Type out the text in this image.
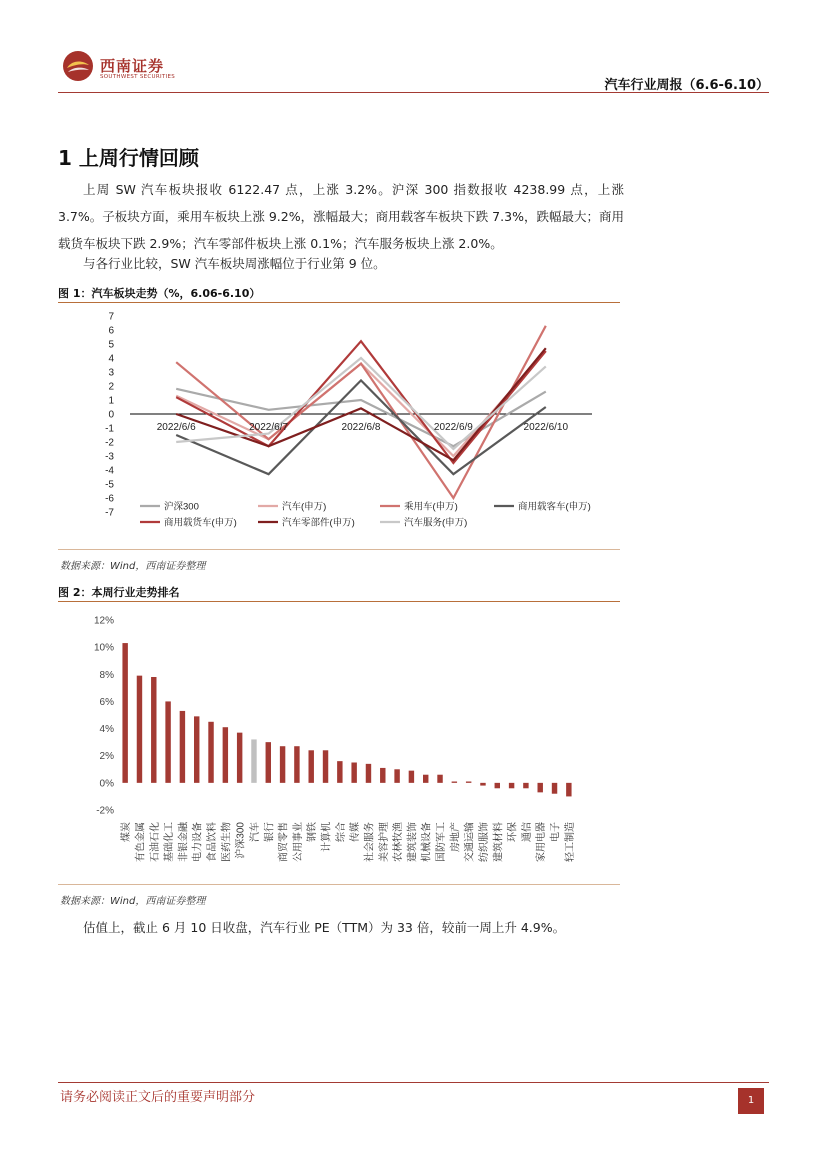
西南证券
SOUTHWEST SECURITIES
汽车行业周报（6.6-6.10）
1 上周行情回顾
上周 SW 汽车板块报收 6122.47 点，上涨 3.2%。沪深 300 指数报收 4238.99 点，上涨 3.7%。子板块方面，乘用车板块上涨 9.2%，涨幅最大；商用载客车板块下跌 7.3%，跌幅最大；商用载货车板块下跌 2.9%；汽车零部件板块上涨 0.1%；汽车服务板块上涨 2.0%。
与各行业比较，SW 汽车板块周涨幅位于行业第 9 位。
图 1：汽车板块走势（%，6.06-6.10）
7
6
5
4
3
2
1
0
-1
-2
-3
-4
-5
-6
-7
2022/6/6	2022/6/7	2022/6/8	2022/6/9	2022/6/10
沪深300	汽车(申万)	乘用车(申万)	商用载客车(申万)
商用载货车(申万)	汽车零部件(申万)	汽车服务(申万)
数据来源：Wind，西南证券整理
图 2：本周行业走势排名
12%
10%
8%
6%
4%
2%
0%
-2%
煤炭 有色金属 石油石化 基础化工 非银金融 电力设备 食品饮料 医药生物 沪深300 汽车 银行 商贸零售 公用事业 钢铁 计算机 综合 传媒 社会服务 美容护理 农林牧渔 建筑装饰 机械设备 国防军工 房地产 交通运输 纺织服饰 建筑材料 环保 通信 家用电器 电子 轻工制造
数据来源：Wind，西南证券整理
估值上，截止 6 月 10 日收盘，汽车行业 PE（TTM）为 33 倍，较前一周上升 4.9%。
请务必阅读正文后的重要声明部分	1
